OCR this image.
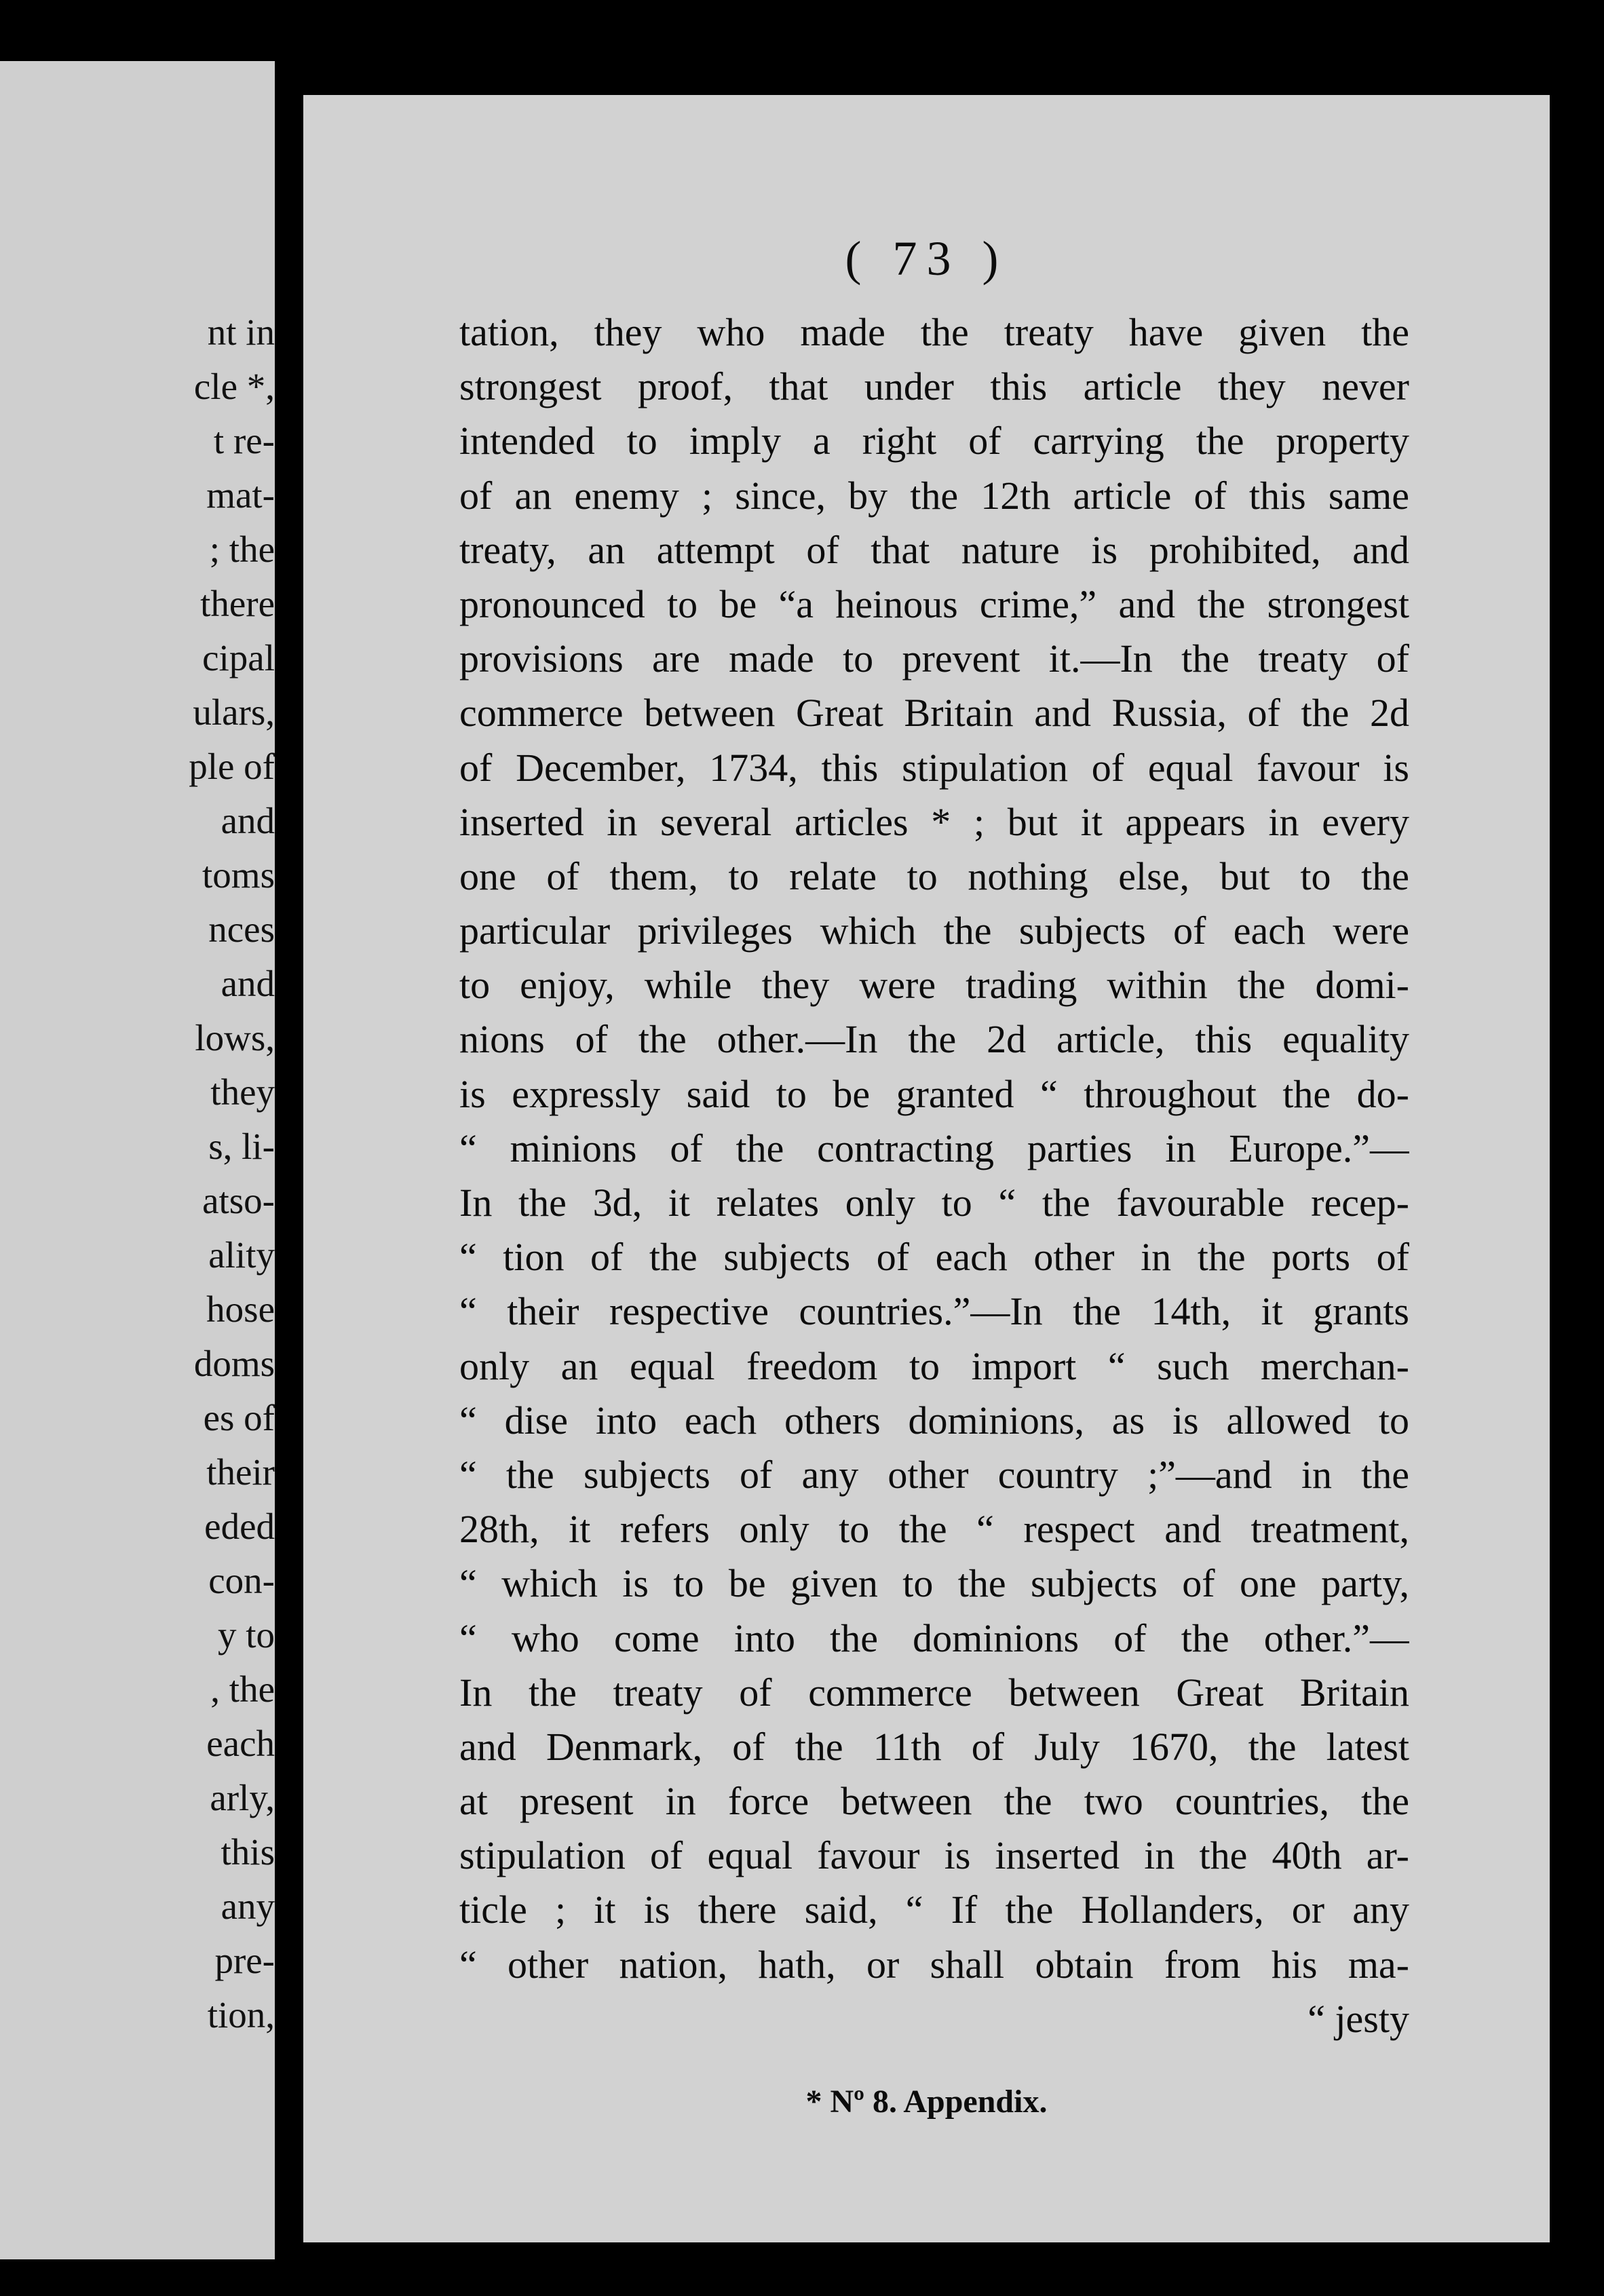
nt in
cle *,
t re-
mat-
; the
there
cipal
ulars,
ple of
and
toms
nces
and
lows,
they
s, li-
atso-
ality
hose
doms
es of
their
eded
con-
y to
, the
each
arly,
this
any
pre-
tion,
( 73 )
tation, they who made the treaty have given the
strongest proof, that under this article they never
intended to imply a right of carrying the property
of an enemy ; since, by the 12th article of this same
treaty, an attempt of that nature is prohibited, and
pronounced to be “a heinous crime,” and the strongest
provisions are made to prevent it.—In the treaty of
commerce between Great Britain and Russia, of the 2d
of December, 1734, this stipulation of equal favour is
inserted in several articles * ; but it appears in every
one of them, to relate to nothing else, but to the
particular privileges which the subjects of each were
to enjoy, while they were trading within the domi-
nions of the other.—In the 2d article, this equality
is expressly said to be granted “ throughout the do-
“ minions of the contracting parties in Europe.”—
In the 3d, it relates only to “ the favourable recep-
“ tion of the subjects of each other in the ports of
“ their respective countries.”—In the 14th, it grants
only an equal freedom to import “ such merchan-
“ dise into each others dominions, as is allowed to
“ the subjects of any other country ;”—and in the
28th, it refers only to the “ respect and treatment,
“ which is to be given to the subjects of one party,
“ who come into the dominions of the other.”—
In the treaty of commerce between Great Britain
and Denmark, of the 11th of July 1670, the latest
at present in force between the two countries, the
stipulation of equal favour is inserted in the 40th ar-
ticle ; it is there said, “ If the Hollanders, or any
“ other nation, hath, or shall obtain from his ma-
“ jesty
* Nº 8. Appendix.
